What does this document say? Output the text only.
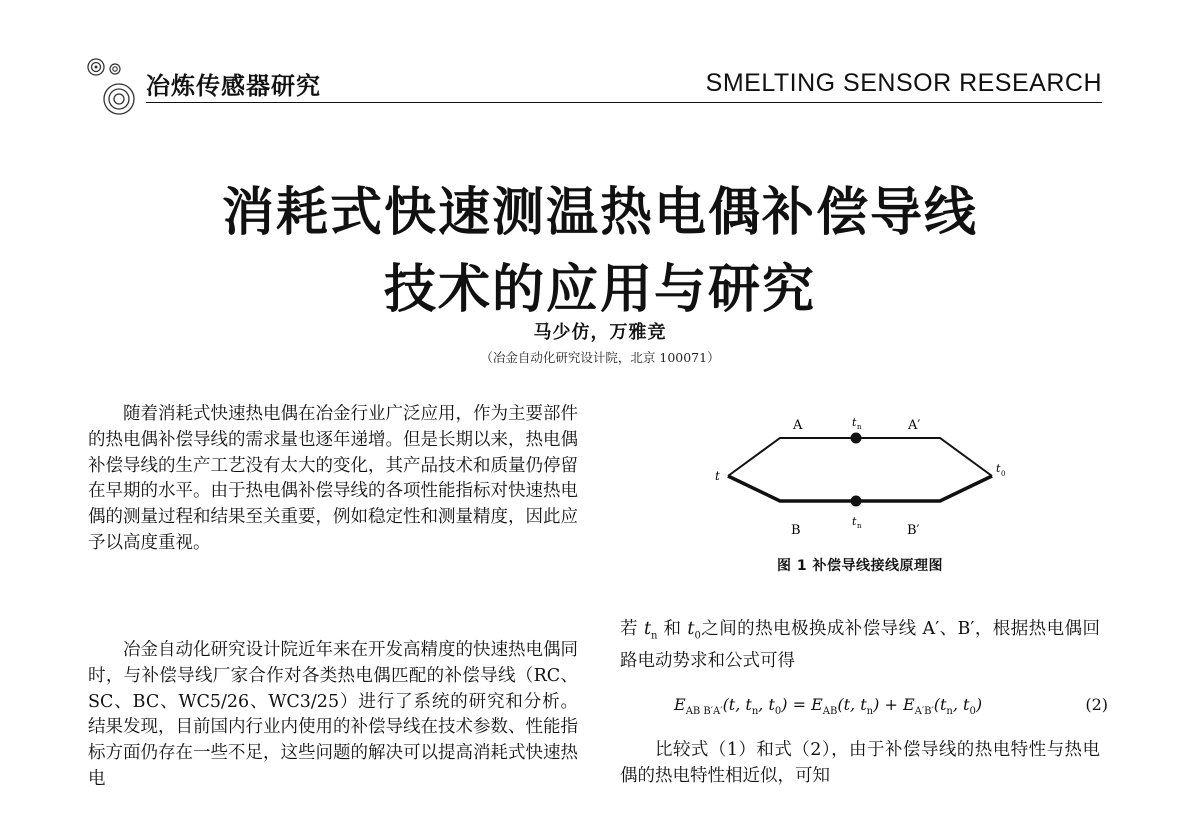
冶炼传感器研究	SMELTING SENSOR RESEARCH
消耗式快速测温热电偶补偿导线
技术的应用与研究
马少仿，万雅竞
（冶金自动化研究设计院，北京 100071）
随着消耗式快速热电偶在冶金行业广泛应用，作为主要部件的热电偶补偿导线的需求量也逐年递增。但是长期以来，热电偶补偿导线的生产工艺没有太大的变化，其产品技术和质量仍停留在早期的水平。由于热电偶补偿导线的各项性能指标对快速热电偶的测量过程和结果至关重要，例如稳定性和测量精度，因此应予以高度重视。
冶金自动化研究设计院近年来在开发高精度的快速热电偶同时，与补偿导线厂家合作对各类热电偶匹配的补偿导线（RC、SC、BC、WC5/26、WC3/25）进行了系统的研究和分析。结果发现，目前国内行业内使用的补偿导线在技术参数、性能指标方面仍存在一些不足，这些问题的解决可以提高消耗式快速热电
A	A′
B	B′
t
t 0
t n
t n
图 1 补偿导线接线原理图
若 $t_n$ 和 $t_0$之间的热电极换成补偿导线 A′、B′，根据热电偶回路电动势求和公式可得
$E_{AB B'A'}(t$, $t_n$, $t_0) = E_{AB}(t$, $t_n) + E_{A'B'}(t_n$, $t_0$)	(2)
比较式（1）和式（2），由于补偿导线的热电特性与热电偶的热电特性相近似，可知
